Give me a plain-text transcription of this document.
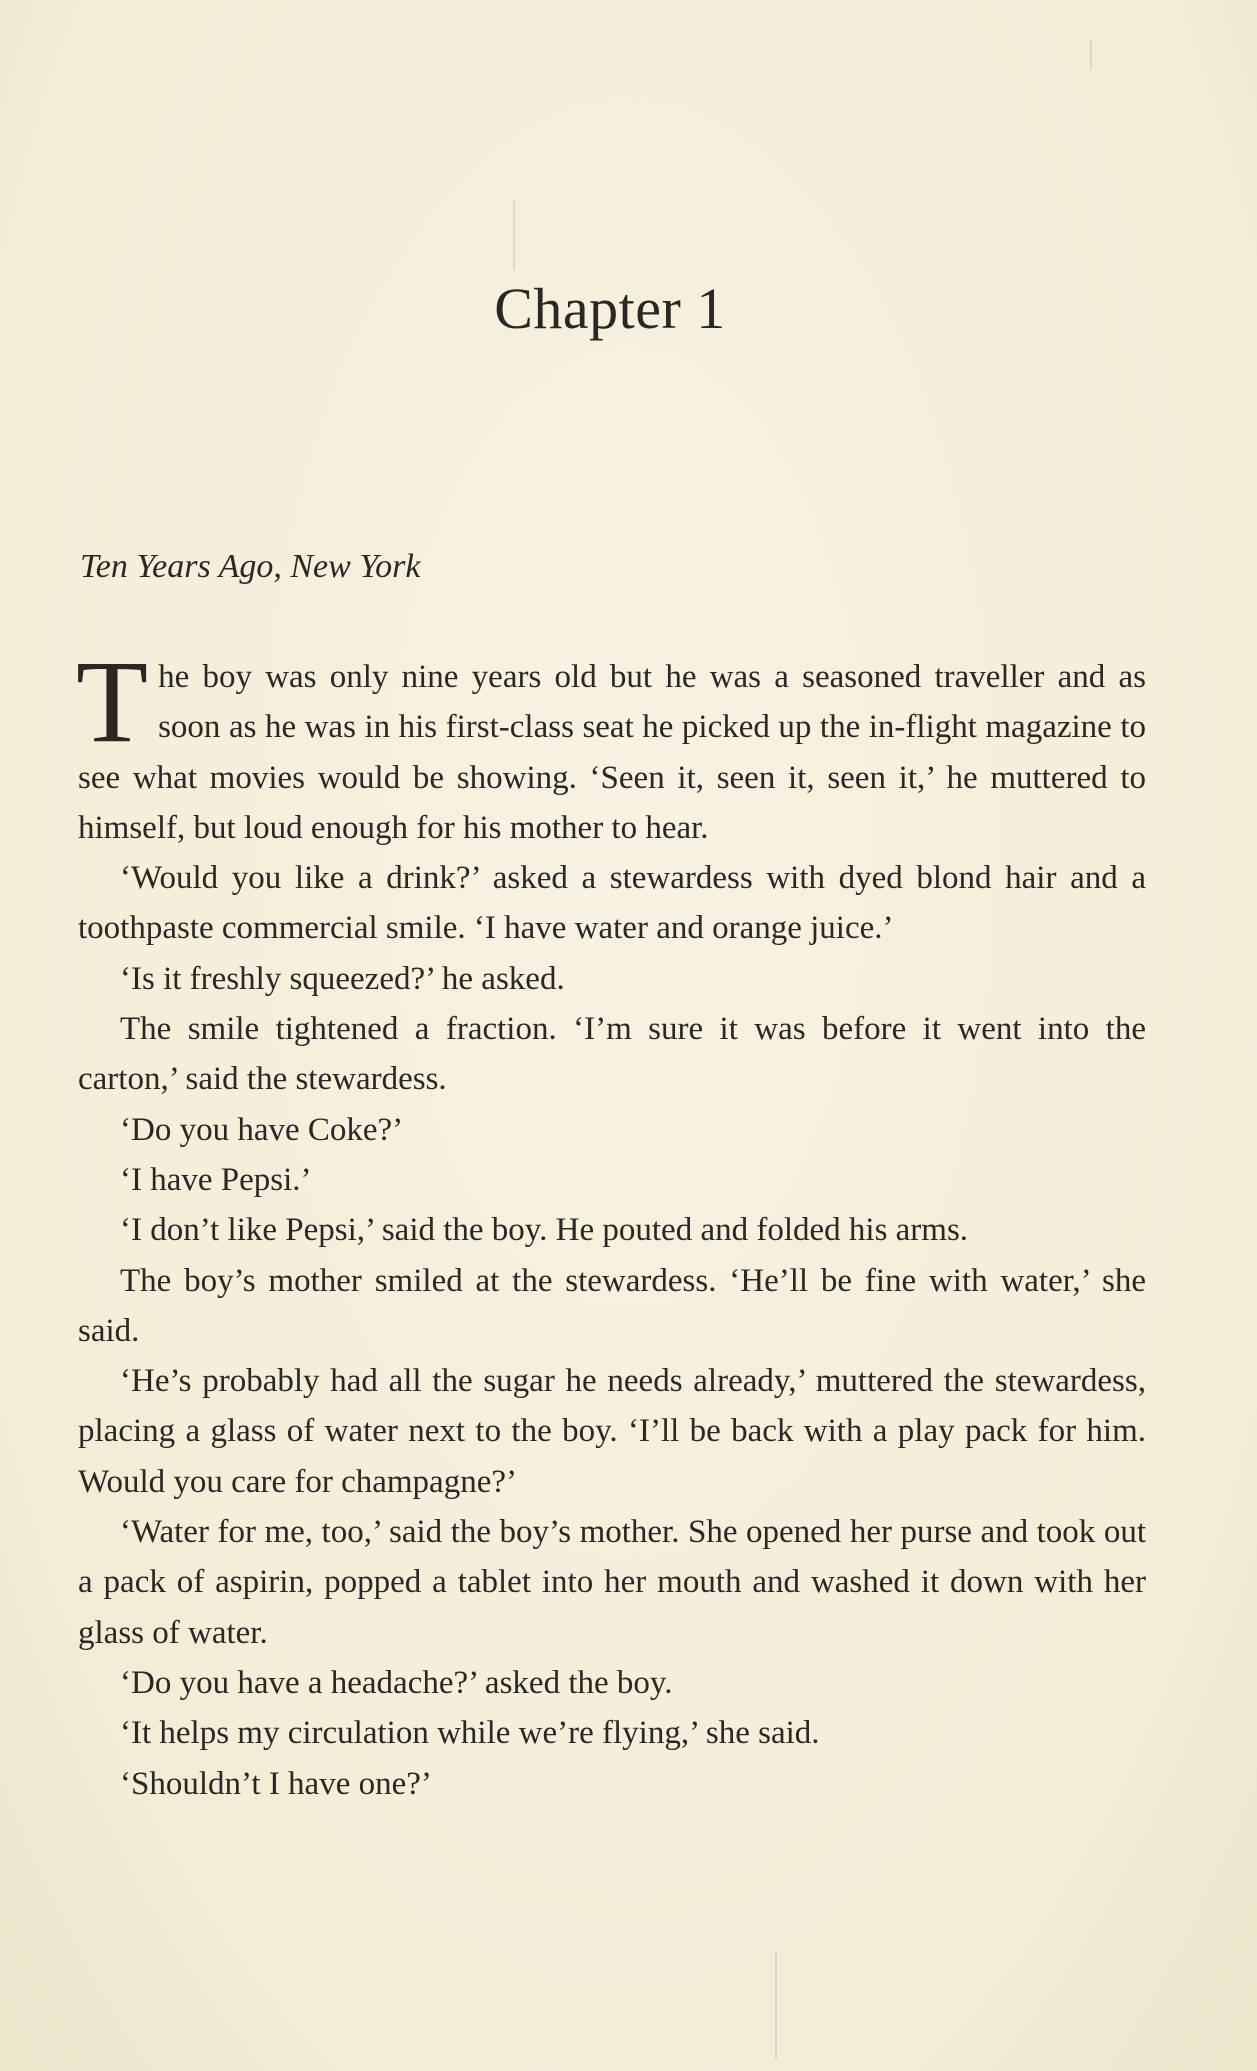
Chapter 1

Ten Years Ago, New York

The boy was only nine years old but he was a seasoned traveller and as soon as he was in his first-class seat he picked up the in-flight magazine to see what movies would be showing. ‘Seen it, seen it, seen it,’ he muttered to himself, but loud enough for his mother to hear.

‘Would you like a drink?’ asked a stewardess with dyed blond hair and a toothpaste commercial smile. ‘I have water and orange juice.’

‘Is it freshly squeezed?’ he asked.

The smile tightened a fraction. ‘I’m sure it was before it went into the carton,’ said the stewardess.

‘Do you have Coke?’

‘I have Pepsi.’

‘I don’t like Pepsi,’ said the boy. He pouted and folded his arms.

The boy’s mother smiled at the stewardess. ‘He’ll be fine with water,’ she said.

‘He’s probably had all the sugar he needs already,’ muttered the stewardess, placing a glass of water next to the boy. ‘I’ll be back with a play pack for him. Would you care for champagne?’

‘Water for me, too,’ said the boy’s mother. She opened her purse and took out a pack of aspirin, popped a tablet into her mouth and washed it down with her glass of water.

‘Do you have a headache?’ asked the boy.

‘It helps my circulation while we’re flying,’ she said.

‘Shouldn’t I have one?’
